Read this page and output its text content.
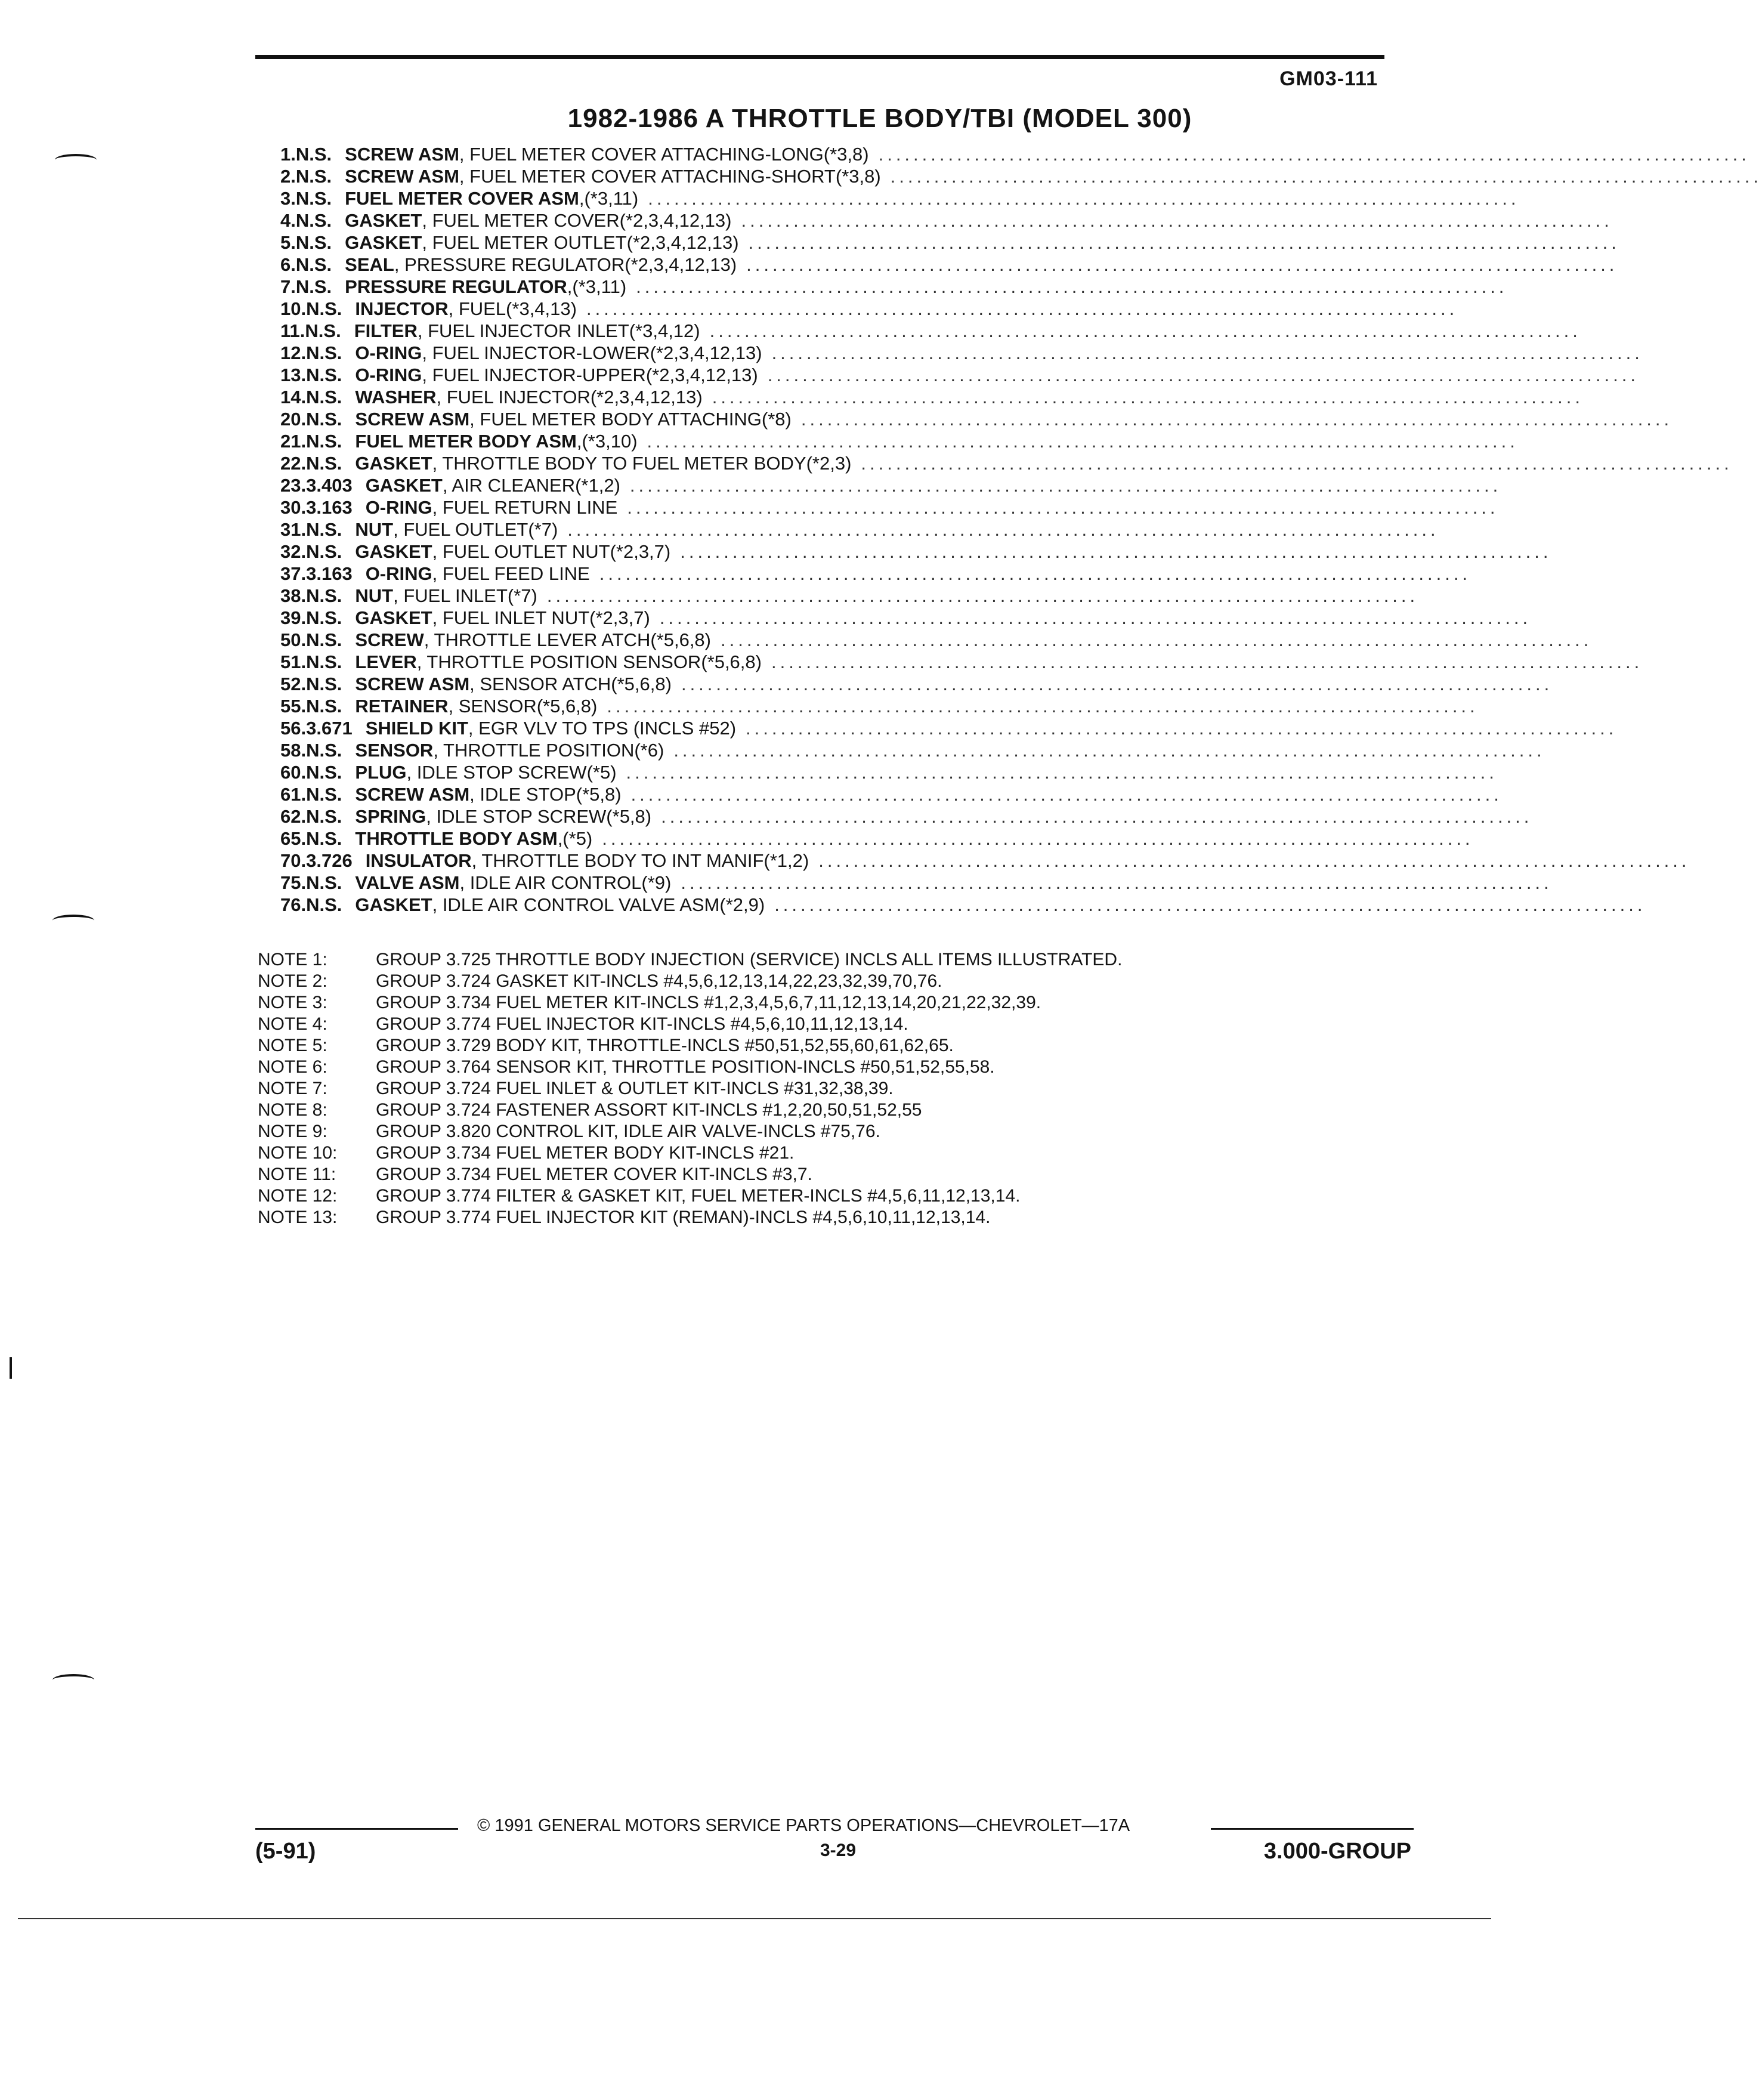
GM03-111
1982-1986 A THROTTLE BODY/TBI (MODEL 300)
1. N.S. SCREW ASM , FUEL METER COVER ATTACHING-LONG(*3,8) ....................................................................................................
2. N.S. SCREW ASM , FUEL METER COVER ATTACHING-SHORT(*3,8) ....................................................................................................
3. N.S. FUEL METER COVER ASM ,(*3,11) ....................................................................................................
4. N.S. GASKET , FUEL METER COVER(*2,3,4,12,13) ....................................................................................................
5. N.S. GASKET , FUEL METER OUTLET(*2,3,4,12,13) ....................................................................................................
6. N.S. SEAL , PRESSURE REGULATOR(*2,3,4,12,13) ....................................................................................................
7. N.S. PRESSURE REGULATOR ,(*3,11) ....................................................................................................
10. N.S. INJECTOR , FUEL(*3,4,13) ....................................................................................................
11. N.S. FILTER , FUEL INJECTOR INLET(*3,4,12) ....................................................................................................
12. N.S. O-RING , FUEL INJECTOR-LOWER(*2,3,4,12,13) ....................................................................................................
13. N.S. O-RING , FUEL INJECTOR-UPPER(*2,3,4,12,13) ....................................................................................................
14. N.S. WASHER , FUEL INJECTOR(*2,3,4,12,13) ....................................................................................................
20. N.S. SCREW ASM , FUEL METER BODY ATTACHING(*8) ....................................................................................................
21. N.S. FUEL METER BODY ASM ,(*3,10) ....................................................................................................
22. N.S. GASKET , THROTTLE BODY TO FUEL METER BODY(*2,3) ....................................................................................................
23. 3.403 GASKET , AIR CLEANER(*1,2) ....................................................................................................
30. 3.163 O-RING , FUEL RETURN LINE ....................................................................................................
31. N.S. NUT , FUEL OUTLET(*7) ....................................................................................................
32. N.S. GASKET , FUEL OUTLET NUT(*2,3,7) ....................................................................................................
37. 3.163 O-RING , FUEL FEED LINE ....................................................................................................
38. N.S. NUT , FUEL INLET(*7) ....................................................................................................
39. N.S. GASKET , FUEL INLET NUT(*2,3,7) ....................................................................................................
50. N.S. SCREW , THROTTLE LEVER ATCH(*5,6,8) ....................................................................................................
51. N.S. LEVER , THROTTLE POSITION SENSOR(*5,6,8) ....................................................................................................
52. N.S. SCREW ASM , SENSOR ATCH(*5,6,8) ....................................................................................................
55. N.S. RETAINER , SENSOR(*5,6,8) ....................................................................................................
56. 3.671 SHIELD KIT , EGR VLV TO TPS (INCLS #52) ....................................................................................................
58. N.S. SENSOR , THROTTLE POSITION(*6) ....................................................................................................
60. N.S. PLUG , IDLE STOP SCREW(*5) ....................................................................................................
61. N.S. SCREW ASM , IDLE STOP(*5,8) ....................................................................................................
62. N.S. SPRING , IDLE STOP SCREW(*5,8) ....................................................................................................
65. N.S. THROTTLE BODY ASM ,(*5) ....................................................................................................
70. 3.726 INSULATOR , THROTTLE BODY TO INT MANIF(*1,2) ....................................................................................................
75. N.S. VALVE ASM , IDLE AIR CONTROL(*9) ....................................................................................................
76. N.S. GASKET , IDLE AIR CONTROL VALVE ASM(*2,9) ....................................................................................................
NOTE 1:	GROUP 3.725 THROTTLE BODY INJECTION (SERVICE) INCLS ALL ITEMS ILLUSTRATED.
NOTE 2:	GROUP 3.724 GASKET KIT-INCLS #4,5,6,12,13,14,22,23,32,39,70,76.
NOTE 3:	GROUP 3.734 FUEL METER KIT-INCLS #1,2,3,4,5,6,7,11,12,13,14,20,21,22,32,39.
NOTE 4:	GROUP 3.774 FUEL INJECTOR KIT-INCLS #4,5,6,10,11,12,13,14.
NOTE 5:	GROUP 3.729 BODY KIT, THROTTLE-INCLS #50,51,52,55,60,61,62,65.
NOTE 6:	GROUP 3.764 SENSOR KIT, THROTTLE POSITION-INCLS #50,51,52,55,58.
NOTE 7:	GROUP 3.724 FUEL INLET & OUTLET KIT-INCLS #31,32,38,39.
NOTE 8:	GROUP 3.724 FASTENER ASSORT KIT-INCLS #1,2,20,50,51,52,55
NOTE 9:	GROUP 3.820 CONTROL KIT, IDLE AIR VALVE-INCLS #75,76.
NOTE 10:	GROUP 3.734 FUEL METER BODY KIT-INCLS #21.
NOTE 11:	GROUP 3.734 FUEL METER COVER KIT-INCLS #3,7.
NOTE 12:	GROUP 3.774 FILTER & GASKET KIT, FUEL METER-INCLS #4,5,6,11,12,13,14.
NOTE 13:	GROUP 3.774 FUEL INJECTOR KIT (REMAN)-INCLS #4,5,6,10,11,12,13,14.
© 1991 GENERAL MOTORS SERVICE PARTS OPERATIONS—CHEVROLET—17A
(5-91)	3-29	3.000-GROUP
